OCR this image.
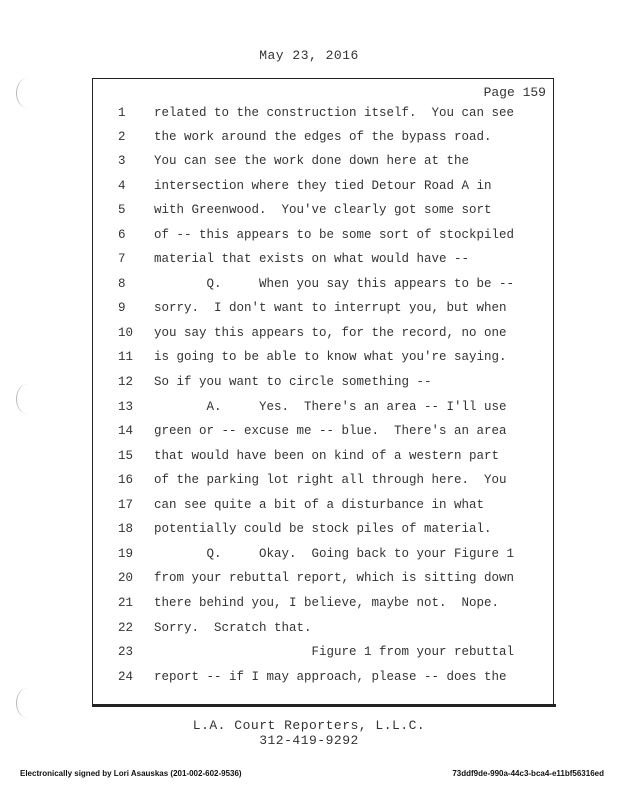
May 23, 2016
Page 159
1	related to the construction itself.  You can see
2	the work around the edges of the bypass road.
3	You can see the work done down here at the
4	intersection where they tied Detour Road A in
5	with Greenwood.  You've clearly got some sort
6	of -- this appears to be some sort of stockpiled
7	material that exists on what would have --
8	Q.     When you say this appears to be --
9	sorry.  I don't want to interrupt you, but when
10	you say this appears to, for the record, no one
11	is going to be able to know what you're saying.
12	So if you want to circle something --
13	A.     Yes.  There's an area -- I'll use
14	green or -- excuse me -- blue.  There's an area
15	that would have been on kind of a western part
16	of the parking lot right all through here.  You
17	can see quite a bit of a disturbance in what
18	potentially could be stock piles of material.
19	Q.     Okay.  Going back to your Figure 1
20	from your rebuttal report, which is sitting down
21	there behind you, I believe, maybe not.  Nope.
22	Sorry.  Scratch that.
23	Figure 1 from your rebuttal
24	report -- if I may approach, please -- does the
L.A. Court Reporters, L.L.C.
312-419-9292
Electronically signed by Lori Asauskas (201-002-602-9536)	73ddf9de-990a-44c3-bca4-e11bf56316ed
